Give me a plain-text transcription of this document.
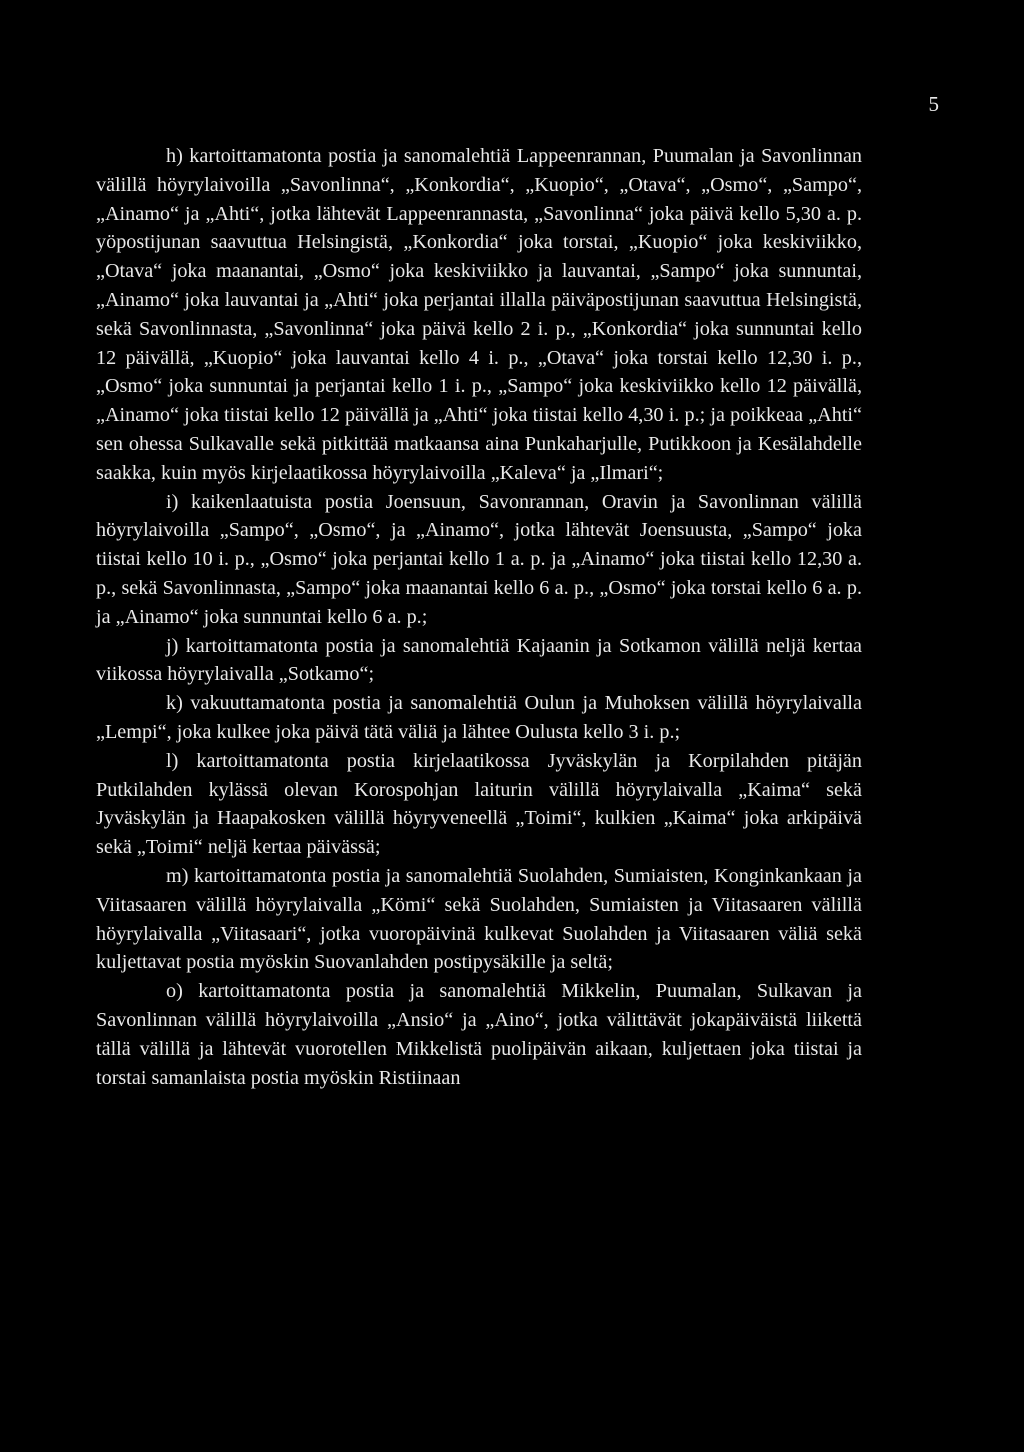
5

h) kartoittamatonta postia ja sanomalehtiä Lappeenrannan, Puumalan ja Savonlinnan välillä höyrylaivoilla „Savonlinna“, „Konkordia“, „Kuopio“, „Otava“, „Osmo“, „Sampo“, „Ainamo“ ja „Ahti“, jotka lähtevät Lappeenrannasta, „Savonlinna“ joka päivä kello 5,30 a. p. yöpostijunan saavuttua Helsingistä, „Konkordia“ joka torstai, „Kuopio“ joka keskiviikko, „Otava“ joka maanantai, „Osmo“ joka keskiviikko ja lauvantai, „Sampo“ joka sunnuntai, „Ainamo“ joka lauvantai ja „Ahti“ joka perjantai illalla päiväpostijunan saavuttua Helsingistä, sekä Savonlinnasta, „Savonlinna“ joka päivä kello 2 i. p., „Konkordia“ joka sunnuntai kello 12 päivällä, „Kuopio“ joka lauvantai kello 4 i. p., „Otava“ joka torstai kello 12,30 i. p., „Osmo“ joka sunnuntai ja perjantai kello 1 i. p., „Sampo“ joka keskiviikko kello 12 päivällä, „Ainamo“ joka tiistai kello 12 päivällä ja „Ahti“ joka tiistai kello 4,30 i. p.; ja poikkeaa „Ahti“ sen ohessa Sulkavalle sekä pitkittää matkaansa aina Punkaharjulle, Putikkoon ja Kesälahdelle saakka, kuin myös kirjelaatikossa höyrylaivoilla „Kaleva“ ja „Ilmari“;

i) kaikenlaatuista postia Joensuun, Savonrannan, Oravin ja Savonlinnan välillä höyrylaivoilla „Sampo“, „Osmo“, ja „Ainamo“, jotka lähtevät Joensuusta, „Sampo“ joka tiistai kello 10 i. p., „Osmo“ joka perjantai kello 1 a. p. ja „Ainamo“ joka tiistai kello 12,30 a. p., sekä Savonlinnasta, „Sampo“ joka maanantai kello 6 a. p., „Osmo“ joka torstai kello 6 a. p. ja „Ainamo“ joka sunnuntai kello 6 a. p.;

j) kartoittamatonta postia ja sanomalehtiä Kajaanin ja Sotkamon välillä neljä kertaa viikossa höyrylaivalla „Sotkamo“;

k) vakuuttamatonta postia ja sanomalehtiä Oulun ja Muhoksen välillä höyrylaivalla „Lempi“, joka kulkee joka päivä tätä väliä ja lähtee Oulusta kello 3 i. p.;

l) kartoittamatonta postia kirjelaatikossa Jyväskylän ja Korpilahden pitäjän Putkilahden kylässä olevan Korospohjan laiturin välillä höyrylaivalla „Kaima“ sekä Jyväskylän ja Haapakosken välillä höyryveneellä „Toimi“, kulkien „Kaima“ joka arkipäivä sekä „Toimi“ neljä kertaa päivässä;

m) kartoittamatonta postia ja sanomalehtiä Suolahden, Sumiaisten, Konginkankaan ja Viitasaaren välillä höyrylaivalla „Kömi“ sekä Suolahden, Sumiaisten ja Viitasaaren välillä höyrylaivalla „Viitasaari“, jotka vuoropäivinä kulkevat Suolahden ja Viitasaaren väliä sekä kuljettavat postia myöskin Suovanlahden postipysäkille ja seltä;

o) kartoittamatonta postia ja sanomalehtiä Mikkelin, Puumalan, Sulkavan ja Savonlinnan välillä höyrylaivoilla „Ansio“ ja „Aino“, jotka välittävät jokapäiväistä liikettä tällä välillä ja lähtevät vuorotellen Mikkelistä puolipäivän aikaan, kuljettaen joka tiistai ja torstai samanlaista postia myöskin Ristiinaan
